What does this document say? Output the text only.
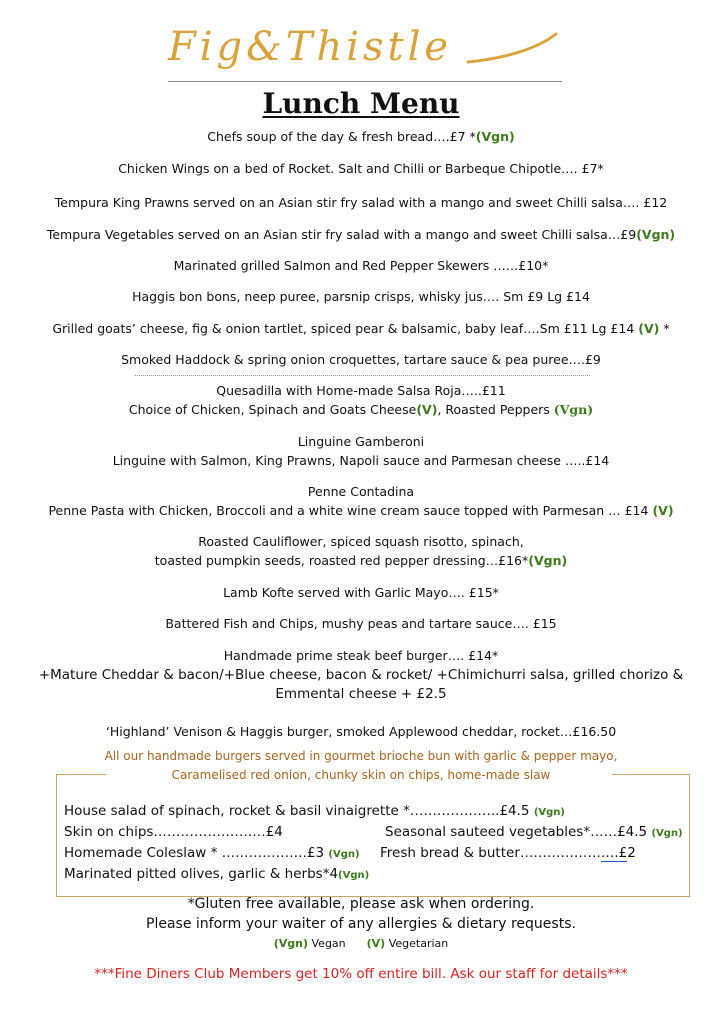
Fig&Thistle
Lunch Menu
Chefs soup of the day & fresh bread….£7 *(Vgn)
Chicken Wings on a bed of Rocket. Salt and Chilli or Barbeque Chipotle…. £7*
Tempura King Prawns served on an Asian stir fry salad with a mango and sweet Chilli salsa…. £12
Tempura Vegetables served on an Asian stir fry salad with a mango and sweet Chilli salsa…£9(Vgn)
Marinated grilled Salmon and Red Pepper Skewers ……£10*
Haggis bon bons, neep puree, parsnip crisps, whisky jus…. Sm £9 Lg £14
Grilled goats’ cheese, fig & onion tartlet, spiced pear & balsamic, baby leaf….Sm £11 Lg £14 (V) *
Smoked Haddock & spring onion croquettes, tartare sauce & pea puree….£9
Quesadilla with Home-made Salsa Roja…..£11
Choice of Chicken, Spinach and Goats Cheese(V), Roasted Peppers (Vgn)
Linguine Gamberoni
Linguine with Salmon, King Prawns, Napoli sauce and Parmesan cheese …..£14
Penne Contadina
Penne Pasta with Chicken, Broccoli and a white wine cream sauce topped with Parmesan … £14 (V)
Roasted Cauliflower, spiced squash risotto, spinach,
toasted pumpkin seeds, roasted red pepper dressing…£16*(Vgn)
Lamb Kofte served with Garlic Mayo…. £15*
Battered Fish and Chips, mushy peas and tartare sauce…. £15
Handmade prime steak beef burger…. £14*
+Mature Cheddar & bacon/+Blue cheese, bacon & rocket/ +Chimichurri salsa, grilled chorizo &
Emmental cheese + £2.5
‘Highland’ Venison & Haggis burger, smoked Applewood cheddar, rocket…£16.50
All our handmade burgers served in gourmet brioche bun with garlic & pepper mayo,
Caramelised red onion, chunky skin on chips, home-made slaw
House salad of spinach, rocket & basil vinaigrette *………………..£4.5 (Vgn)
Skin on chips………………….…£4	Seasonal sauteed vegetables*……£4.5 (Vgn)
Homemade Coleslaw * ……………….£3 (Vgn) Fresh bread & butter………………….£2
Marinated pitted olives, garlic & herbs*4(Vgn)
*Gluten free available, please ask when ordering.
Please inform your waiter of any allergies & dietary requests.
(Vgn) Vegan (V) Vegetarian
***Fine Diners Club Members get 10% off entire bill. Ask our staff for details***
